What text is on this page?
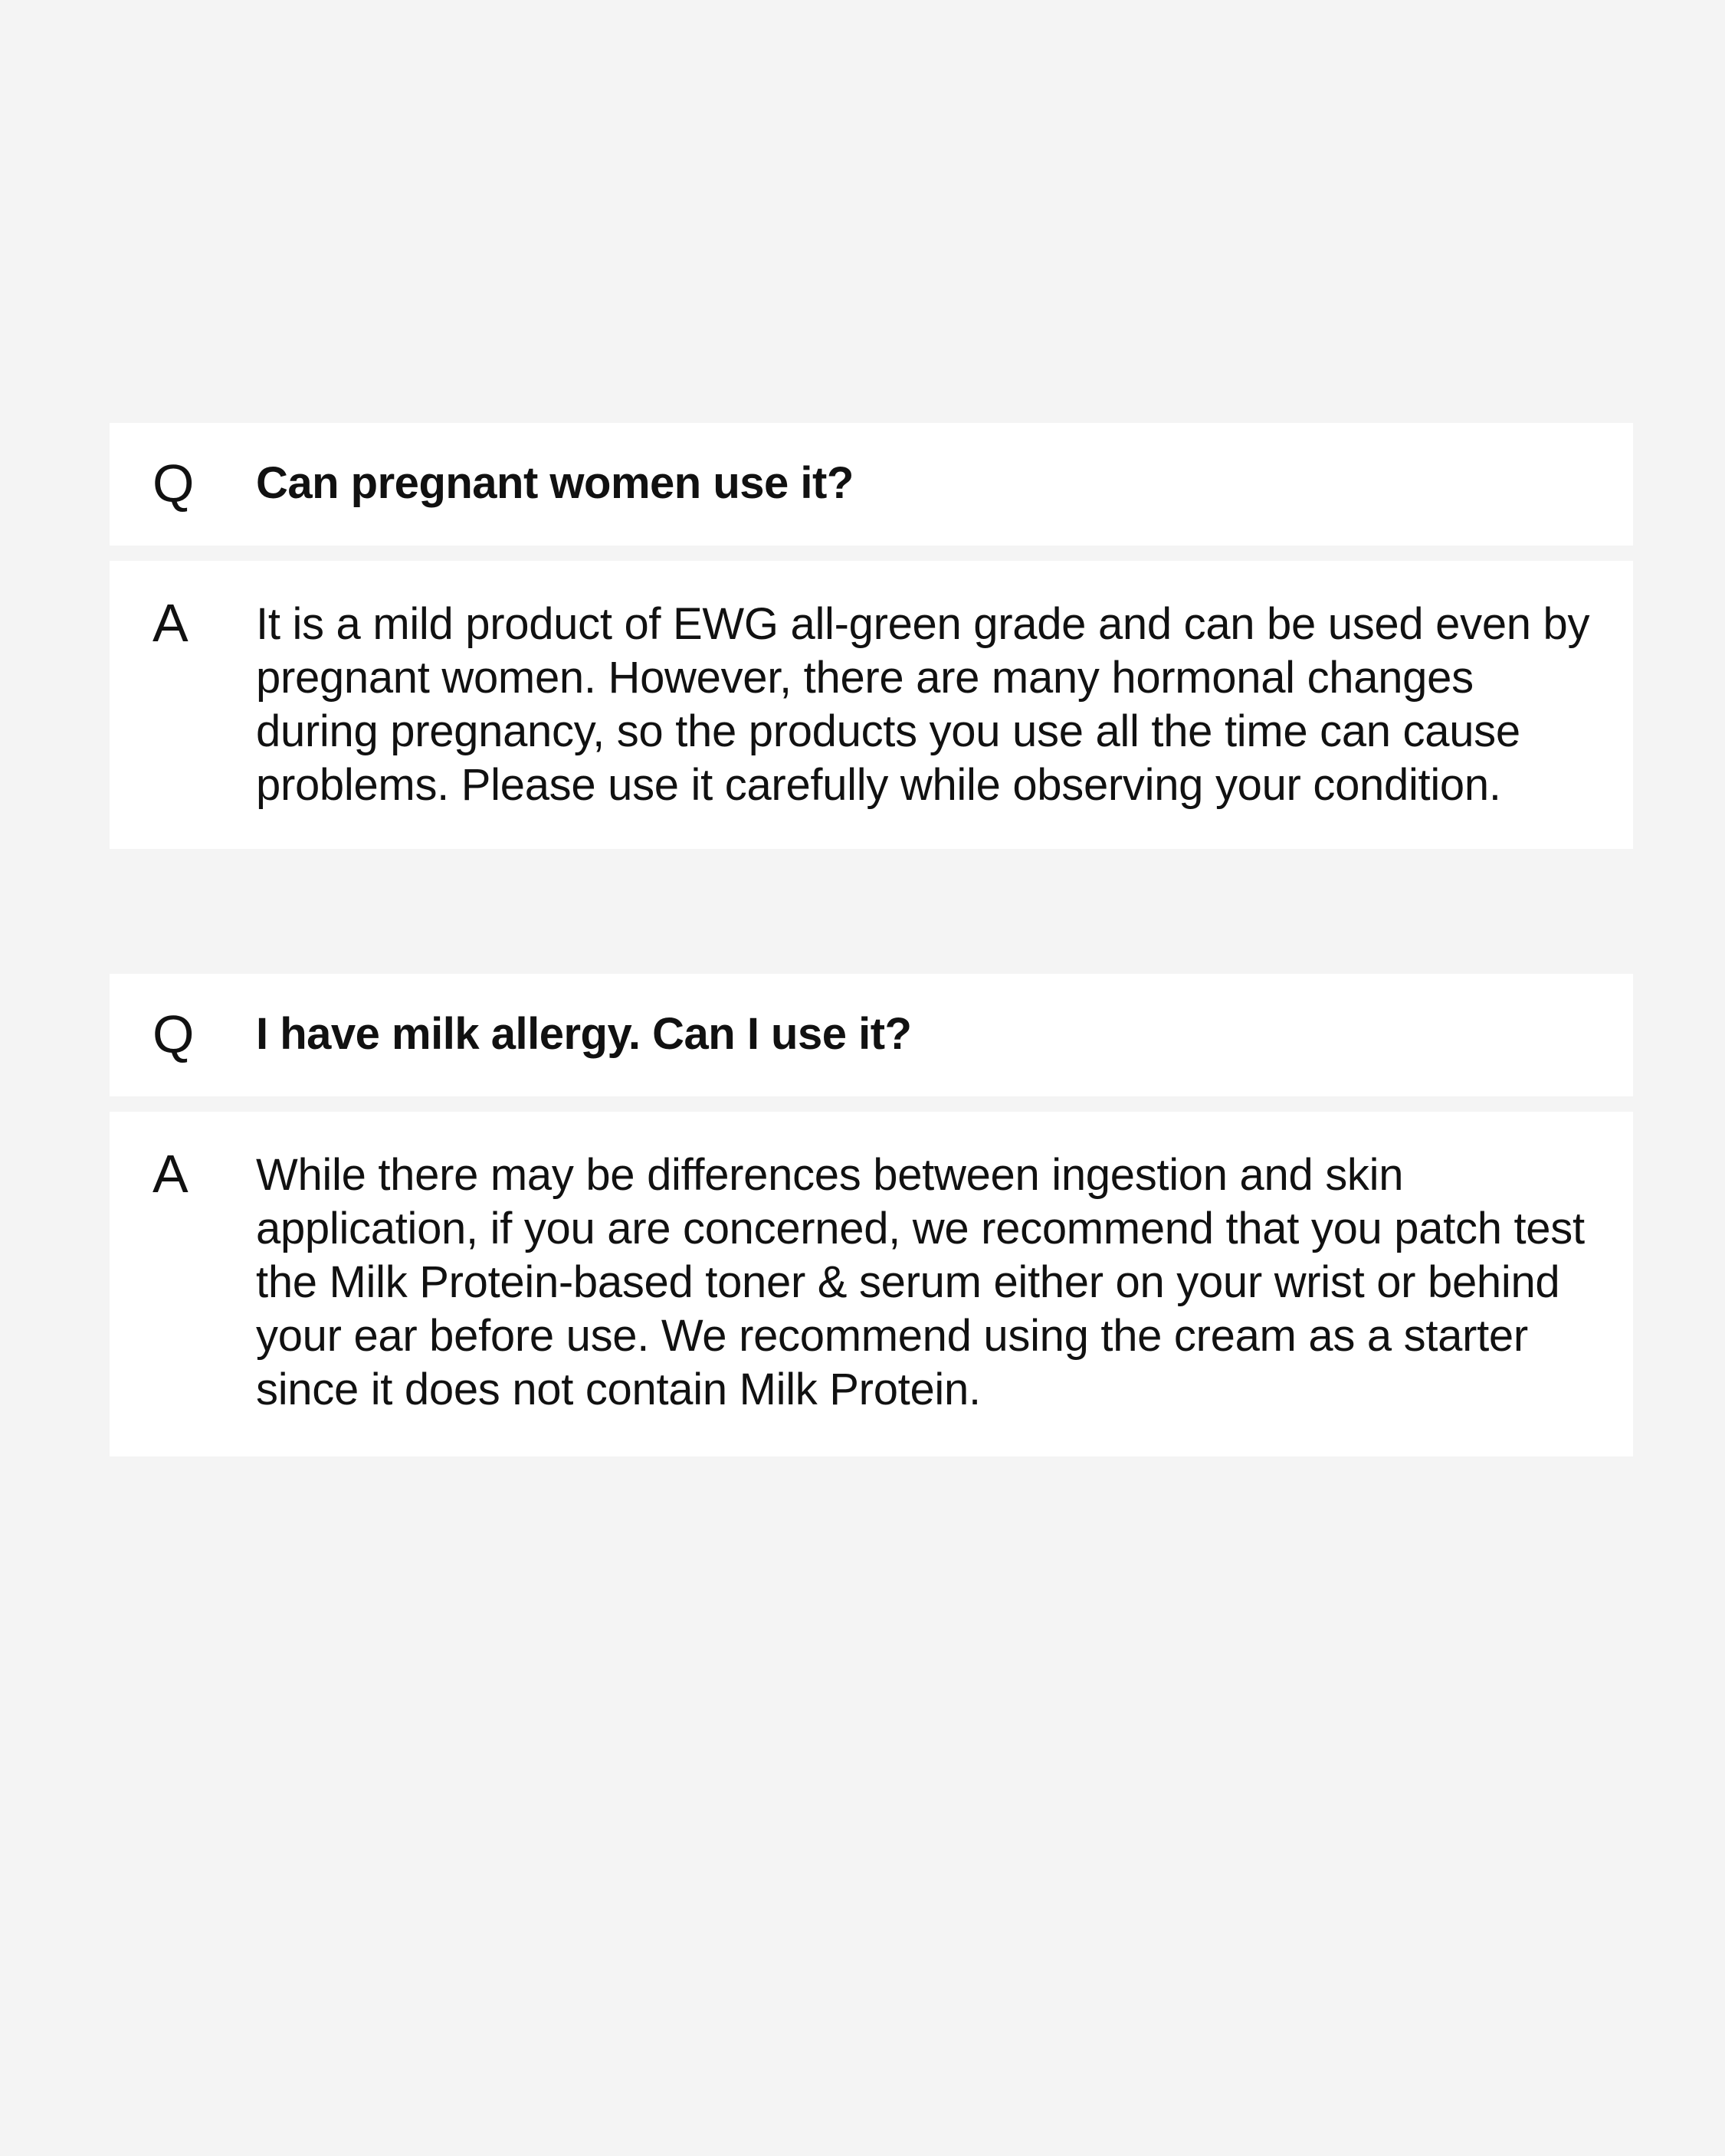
Q Can pregnant women use it?
A It is a mild product of EWG all-green grade and can be used even by pregnant women. However, there are many hormonal changes during pregnancy, so the products you use all the time can cause problems. Please use it carefully while observing your condition.
Q I have milk allergy. Can I use it?
A While there may be differences between ingestion and skin application, if you are concerned, we recommend that you patch test the Milk Protein-based toner & serum either on your wrist or behind your ear before use. We recommend using the cream as a starter since it does not contain Milk Protein.
